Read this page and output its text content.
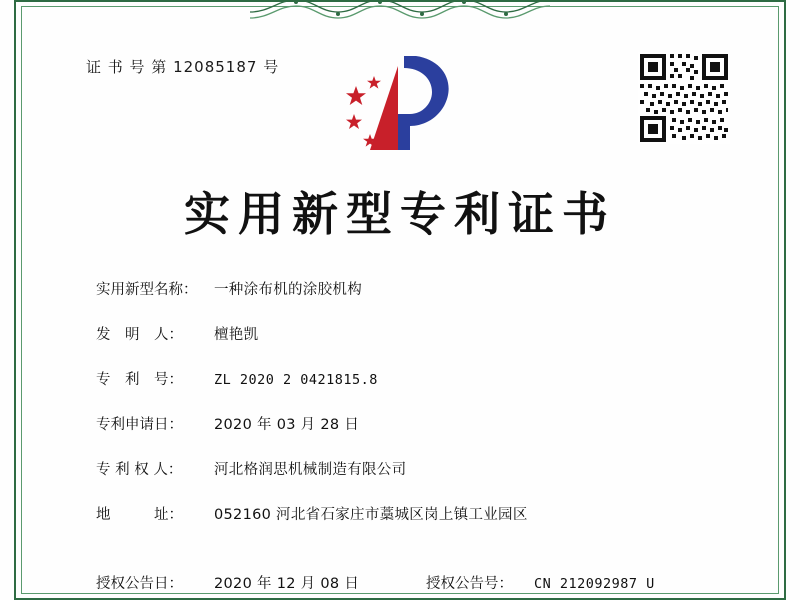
证 书 号 第 12085187 号
实用新型专利证书
实用新型名称：	一种涂布机的涂胶机构
发　明　人：	檀艳凯
专　利　号：	ZL 2020 2 0421815.8
专利申请日：	2020 年 03 月 28 日
专 利 权 人：	河北格润思机械制造有限公司
地　　　址：	052160 河北省石家庄市藁城区岗上镇工业园区
授权公告日：	2020 年 12 月 08 日	授权公告号：	CN 212092987 U
